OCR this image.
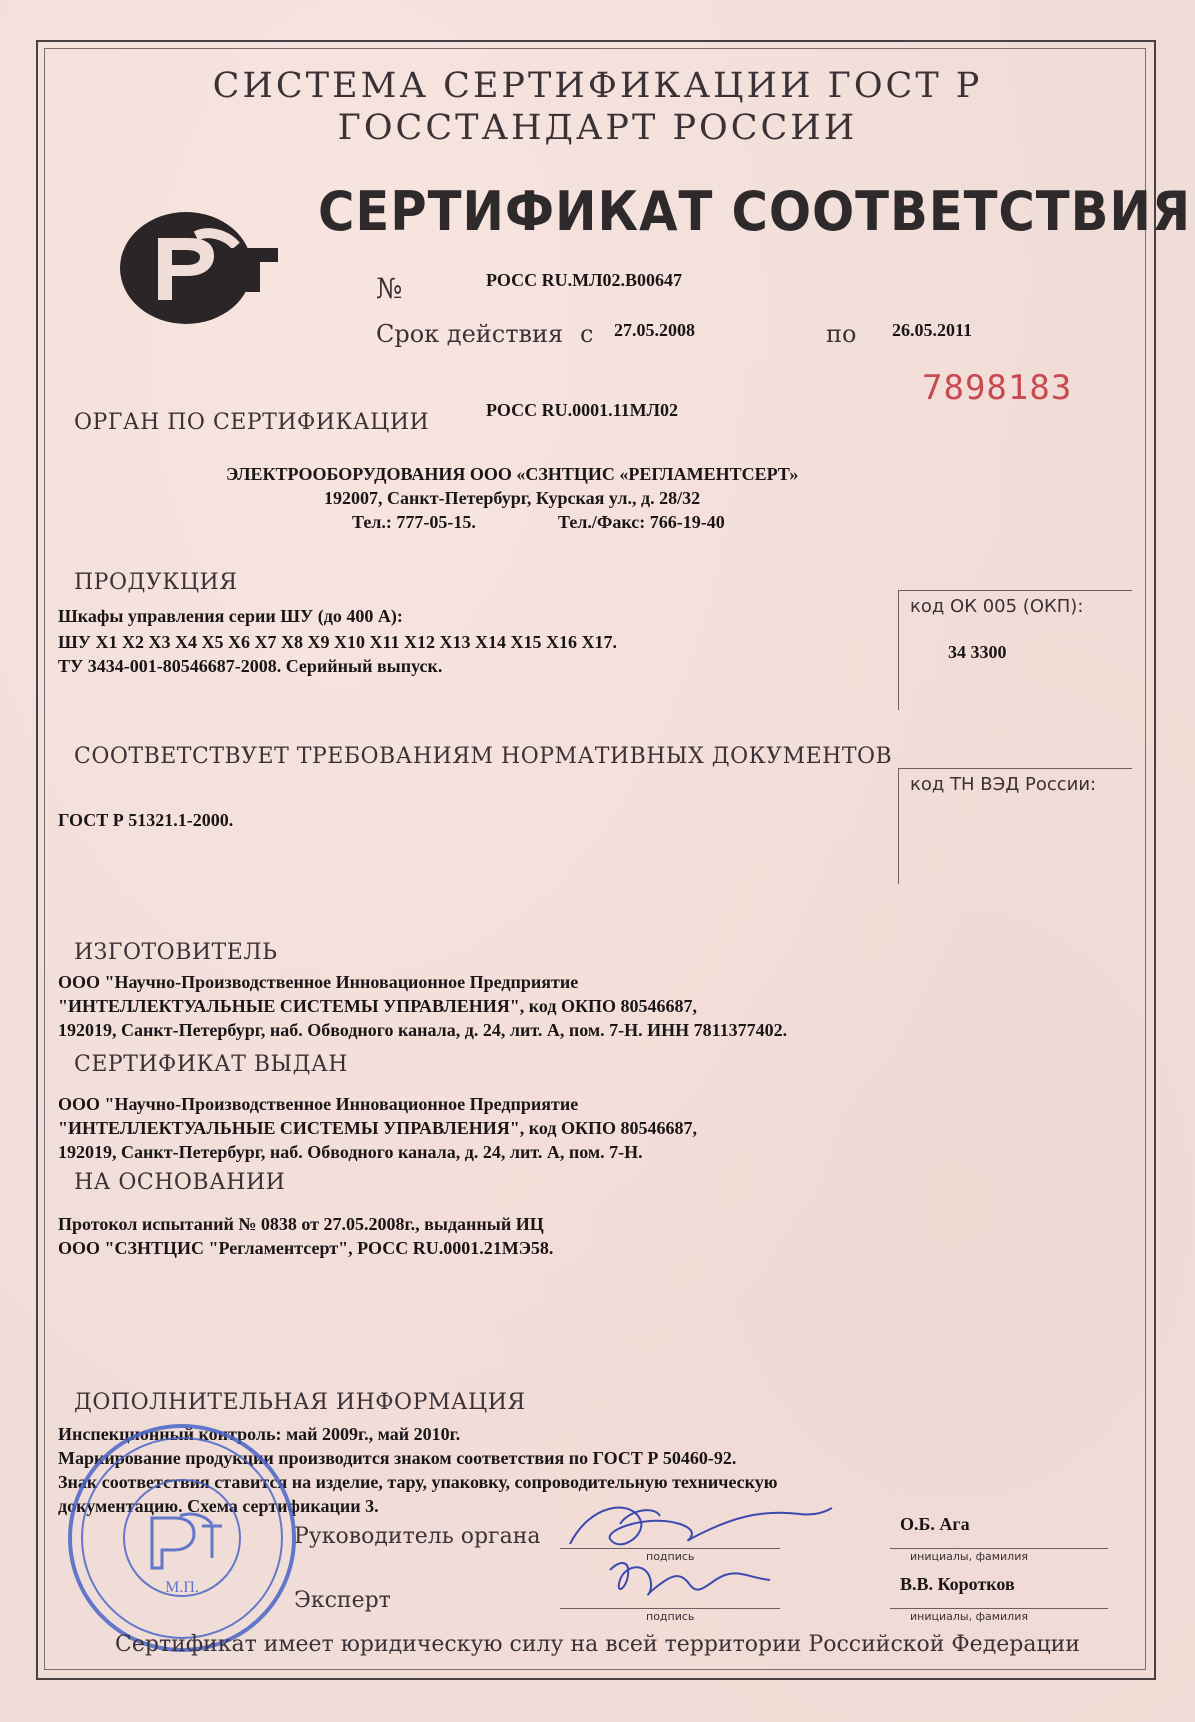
СИСТЕМА СЕРТИФИКАЦИИ ГОСТ Р
ГОССТАНДАРТ РОССИИ
СЕРТИФИКАТ СООТВЕТСТВИЯ
№	РОСС RU.МЛ02.В00647
Срок действия с 27.05.2008	по 26.05.2011
7898183
ОРГАН ПО СЕРТИФИКАЦИИ	РОСС RU.0001.11МЛ02
ЭЛЕКТРООБОРУДОВАНИЯ ООО «СЗНТЦИС «РЕГЛАМЕНТСЕРТ»
192007, Санкт-Петербург, Курская ул., д. 28/32
Тел.: 777-05-15.	Тел./Факс: 766-19-40
ПРОДУКЦИЯ
Шкафы управления серии ШУ (до 400 А):
ШУ X1 X2 X3 X4 X5 X6 X7 X8 X9 X10 X11 X12 X13 X14 X15 X16 X17.
ТУ 3434-001-80546687-2008. Серийный выпуск.
код ОК 005 (ОКП):
34 3300
СООТВЕТСТВУЕТ ТРЕБОВАНИЯМ НОРМАТИВНЫХ ДОКУМЕНТОВ
ГОСТ Р 51321.1-2000.
код ТН ВЭД России:
ИЗГОТОВИТЕЛЬ
ООО "Научно-Производственное Инновационное Предприятие
"ИНТЕЛЛЕКТУАЛЬНЫЕ СИСТЕМЫ УПРАВЛЕНИЯ", код ОКПО 80546687,
192019, Санкт-Петербург, наб. Обводного канала, д. 24, лит. А, пом. 7-Н. ИНН 7811377402.
СЕРТИФИКАТ ВЫДАН
ООО "Научно-Производственное Инновационное Предприятие
"ИНТЕЛЛЕКТУАЛЬНЫЕ СИСТЕМЫ УПРАВЛЕНИЯ", код ОКПО 80546687,
192019, Санкт-Петербург, наб. Обводного канала, д. 24, лит. А, пом. 7-Н.
НА ОСНОВАНИИ
Протокол испытаний № 0838 от 27.05.2008г., выданный ИЦ
ООО "СЗНТЦИС "Регламентсерт", РОСС RU.0001.21МЭ58.
ДОПОЛНИТЕЛЬНАЯ ИНФОРМАЦИЯ
Инспекционный контроль: май 2009г., май 2010г.
Маркирование продукции производится знаком соответствия по ГОСТ Р 50460-92.
Знак соответствия ставится на изделие, тару, упаковку, сопроводительную техническую
документацию. Схема сертификации 3.
Руководитель органа
подпись
О.Б. Ага
инициалы, фамилия
Эксперт
подпись
В.В. Коротков
инициалы, фамилия
М.П.
Сертификат имеет юридическую силу на всей территории Российской Федерации
